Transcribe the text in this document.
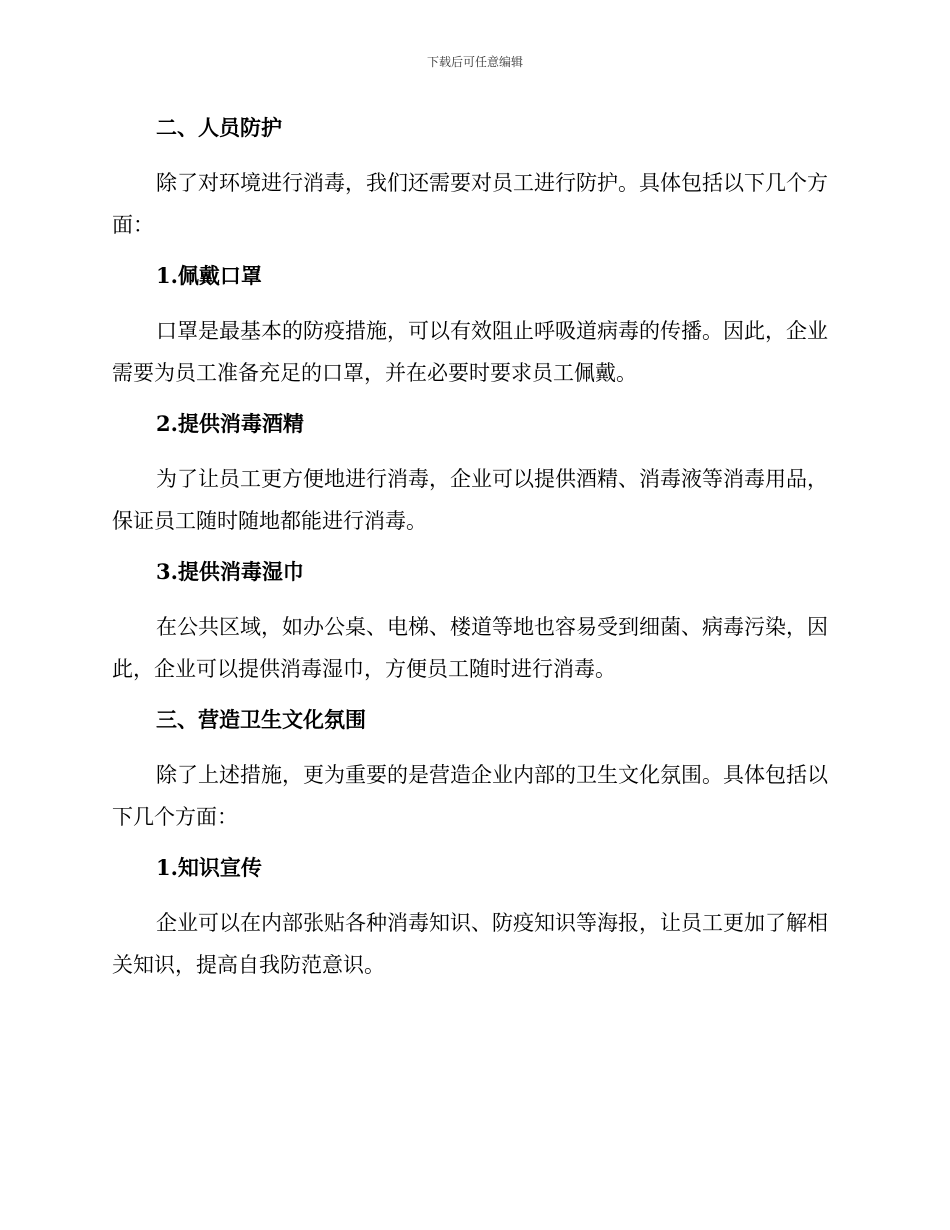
下载后可任意编辑
二、人员防护

除了对环境进行消毒，我们还需要对员工进行防护。具体包括以下几个方面：

1.佩戴口罩

口罩是最基本的防疫措施，可以有效阻止呼吸道病毒的传播。因此，企业需要为员工准备充足的口罩，并在必要时要求员工佩戴。

2.提供消毒酒精

为了让员工更方便地进行消毒，企业可以提供酒精、消毒液等消毒用品，保证员工随时随地都能进行消毒。

3.提供消毒湿巾

在公共区域，如办公桌、电梯、楼道等地也容易受到细菌、病毒污染，因此，企业可以提供消毒湿巾，方便员工随时进行消毒。

三、营造卫生文化氛围

除了上述措施，更为重要的是营造企业内部的卫生文化氛围。具体包括以下几个方面：

1.知识宣传

企业可以在内部张贴各种消毒知识、防疫知识等海报，让员工更加了解相关知识，提高自我防范意识。
